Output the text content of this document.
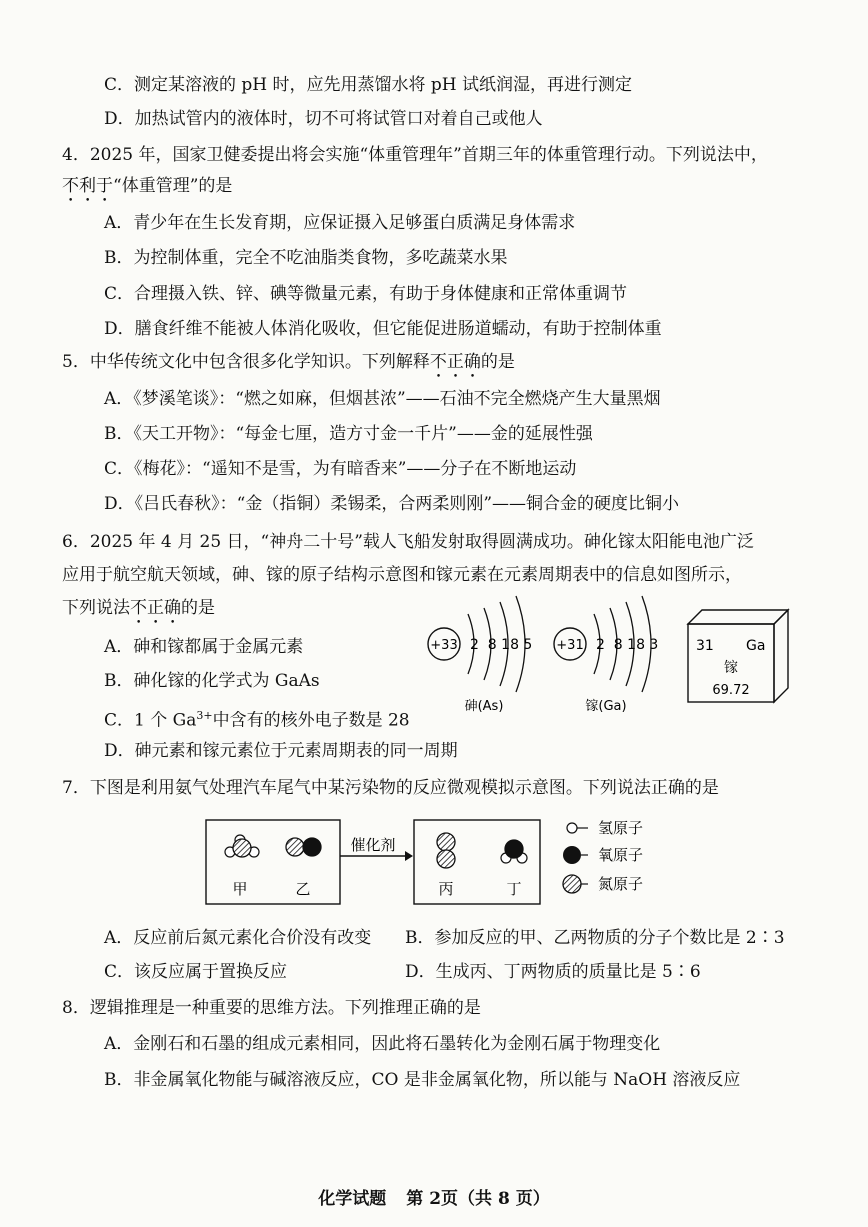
C．测定某溶液的 pH 时，应先用蒸馏水将 pH 试纸润湿，再进行测定
D．加热试管内的液体时，切不可将试管口对着自己或他人
4．2025 年，国家卫健委提出将会实施“体重管理年”首期三年的体重管理行动。下列说法中，
不利于“体重管理”的是
A．青少年在生长发育期，应保证摄入足够蛋白质满足身体需求
B．为控制体重，完全不吃油脂类食物，多吃蔬菜水果
C．合理摄入铁、锌、碘等微量元素，有助于身体健康和正常体重调节
D．膳食纤维不能被人体消化吸收，但它能促进肠道蠕动，有助于控制体重
5．中华传统文化中包含很多化学知识。下列解释不正确的是
A．《梦溪笔谈》：“燃之如麻，但烟甚浓”——石油不完全燃烧产生大量黑烟
B．《天工开物》：“每金七厘，造方寸金一千片”——金的延展性强
C．《梅花》：“遥知不是雪，为有暗香来”——分子在不断地运动
D．《吕氏春秋》：“金（指铜）柔锡柔，合两柔则刚”——铜合金的硬度比铜小
6．2025 年 4 月 25 日，“神舟二十号”载人飞船发射取得圆满成功。砷化镓太阳能电池广泛
应用于航空航天领域，砷、镓的原子结构示意图和镓元素在元素周期表中的信息如图所示，
下列说法不正确的是
A．砷和镓都属于金属元素
B．砷化镓的化学式为 GaAs
C．1 个 $Ga^{3+}$中含有的核外电子数是 28
D．砷元素和镓元素位于元素周期表的同一周期
+33 2  8 18 5
砷(As)
+31 2  8 18 3
镓(Ga)
31 Ga
镓
69.72
7．下图是利用氨气处理汽车尾气中某污染物的反应微观模拟示意图。下列说法正确的是
甲	乙
催化剂
丙	丁
氢原子
氧原子
氮原子
A．反应前后氮元素化合价没有改变 B．参加反应的甲、乙两物质的分子个数比是 2∶3
C．该反应属于置换反应	D．生成丙、丁两物质的质量比是 5∶6
8．逻辑推理是一种重要的思维方法。下列推理正确的是
A．金刚石和石墨的组成元素相同，因此将石墨转化为金刚石属于物理变化
B．非金属氧化物能与碱溶液反应，CO 是非金属氧化物，所以能与 NaOH 溶液反应
化学试题 第 2页（共 8 页）
